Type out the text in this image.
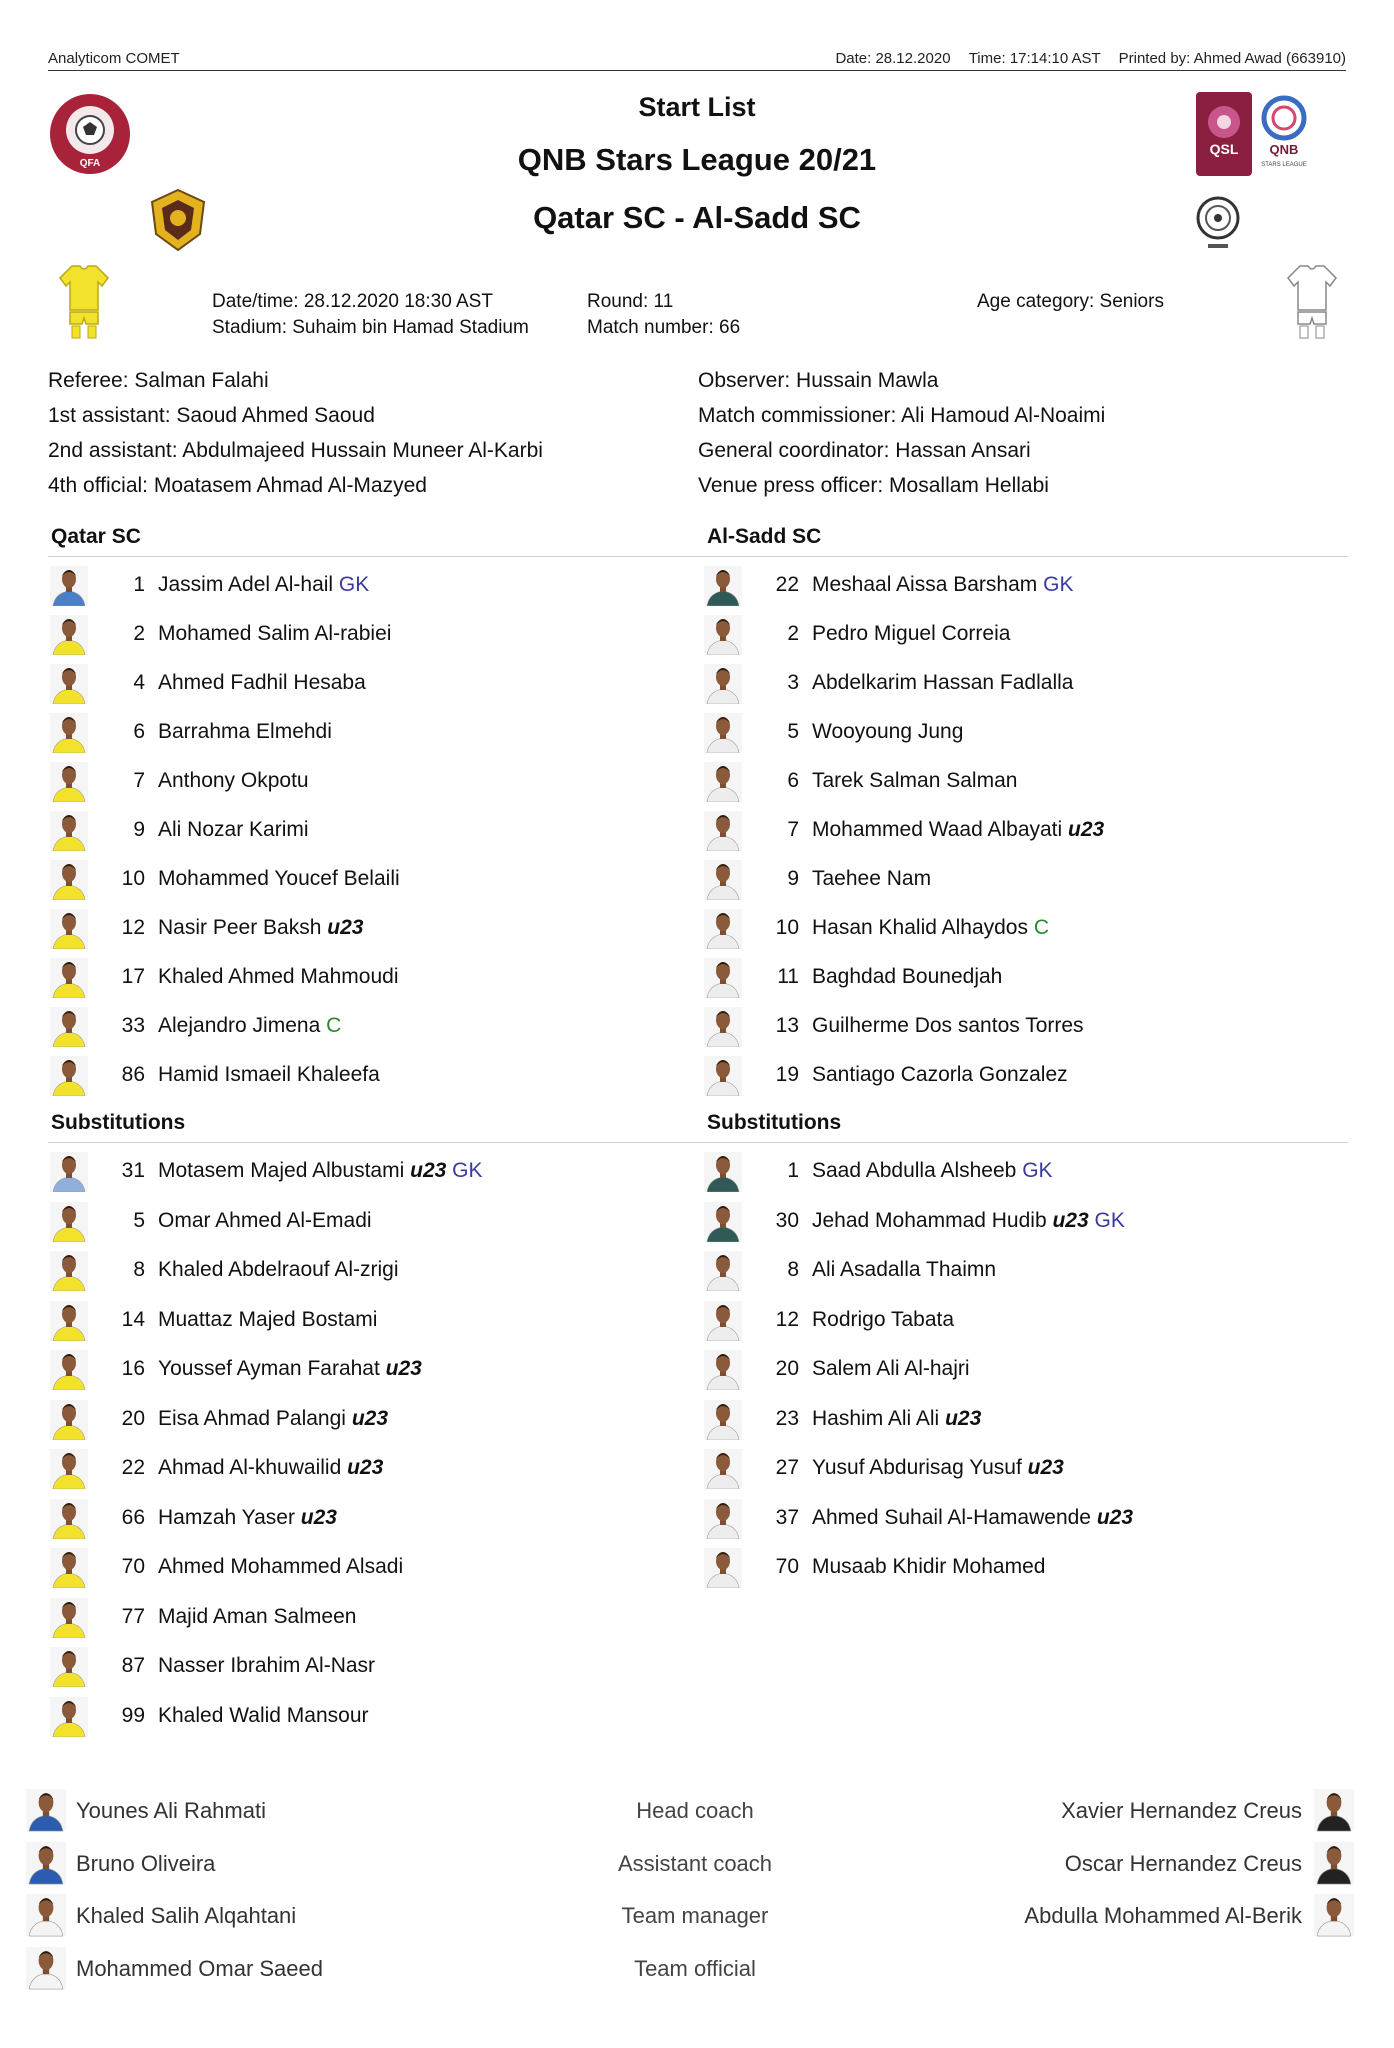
Analyticom COMET	Date: 28.12.2020 Time: 17:14:10 AST Printed by: Ahmed Awad (663910)
QFA
QSL QNB
STARS LEAGUE
Start List
QNB Stars League 20/21
Qatar SC - Al-Sadd SC
Date/time: 28.12.2020 18:30 AST
Stadium: Suhaim bin Hamad Stadium
Round: 11
Match number: 66
Age category: Seniors
Referee: Salman Falahi
1st assistant: Saoud Ahmed Saoud
2nd assistant: Abdulmajeed Hussain Muneer Al-Karbi
4th official: Moatasem Ahmad Al-Mazyed
Observer: Hussain Mawla
Match commissioner: Ali Hamoud Al-Noaimi
General coordinator: Hassan Ansari
Venue press officer: Mosallam Hellabi
Qatar SC	Al-Sadd SC
Substitutions	Substitutions
1 Jassim Adel Al-hail GK
2 Mohamed Salim Al-rabiei
4 Ahmed Fadhil Hesaba
6 Barrahma Elmehdi
7 Anthony Okpotu
9 Ali Nozar Karimi
10 Mohammed Youcef Belaili
12 Nasir Peer Baksh u23
17 Khaled Ahmed Mahmoudi
33 Alejandro Jimena C
86 Hamid Ismaeil Khaleefa
22 Meshaal Aissa Barsham GK
2 Pedro Miguel Correia
3 Abdelkarim Hassan Fadlalla
5 Wooyoung Jung
6 Tarek Salman Salman
7 Mohammed Waad Albayati u23
9 Taehee Nam
10 Hasan Khalid Alhaydos C
11 Baghdad Bounedjah
13 Guilherme Dos santos Torres
19 Santiago Cazorla Gonzalez
31 Motasem Majed Albustami u23 GK
5 Omar Ahmed Al-Emadi
8 Khaled Abdelraouf Al-zrigi
14 Muattaz Majed Bostami
16 Youssef Ayman Farahat u23
20 Eisa Ahmad Palangi u23
22 Ahmad Al-khuwailid u23
66 Hamzah Yaser u23
70 Ahmed Mohammed Alsadi
77 Majid Aman Salmeen
87 Nasser Ibrahim Al-Nasr
99 Khaled Walid Mansour
1 Saad Abdulla Alsheeb GK
30 Jehad Mohammad Hudib u23 GK
8 Ali Asadalla Thaimn
12 Rodrigo Tabata
20 Salem Ali Al-hajri
23 Hashim Ali Ali u23
27 Yusuf Abdurisag Yusuf u23
37 Ahmed Suhail Al-Hamawende u23
70 Musaab Khidir Mohamed
Younes Ali Rahmati	Head coach	Xavier Hernandez Creus
Bruno Oliveira	Assistant coach	Oscar Hernandez Creus
Khaled Salih Alqahtani	Team manager	Abdulla Mohammed Al-Berik
Mohammed Omar Saeed	Team official
